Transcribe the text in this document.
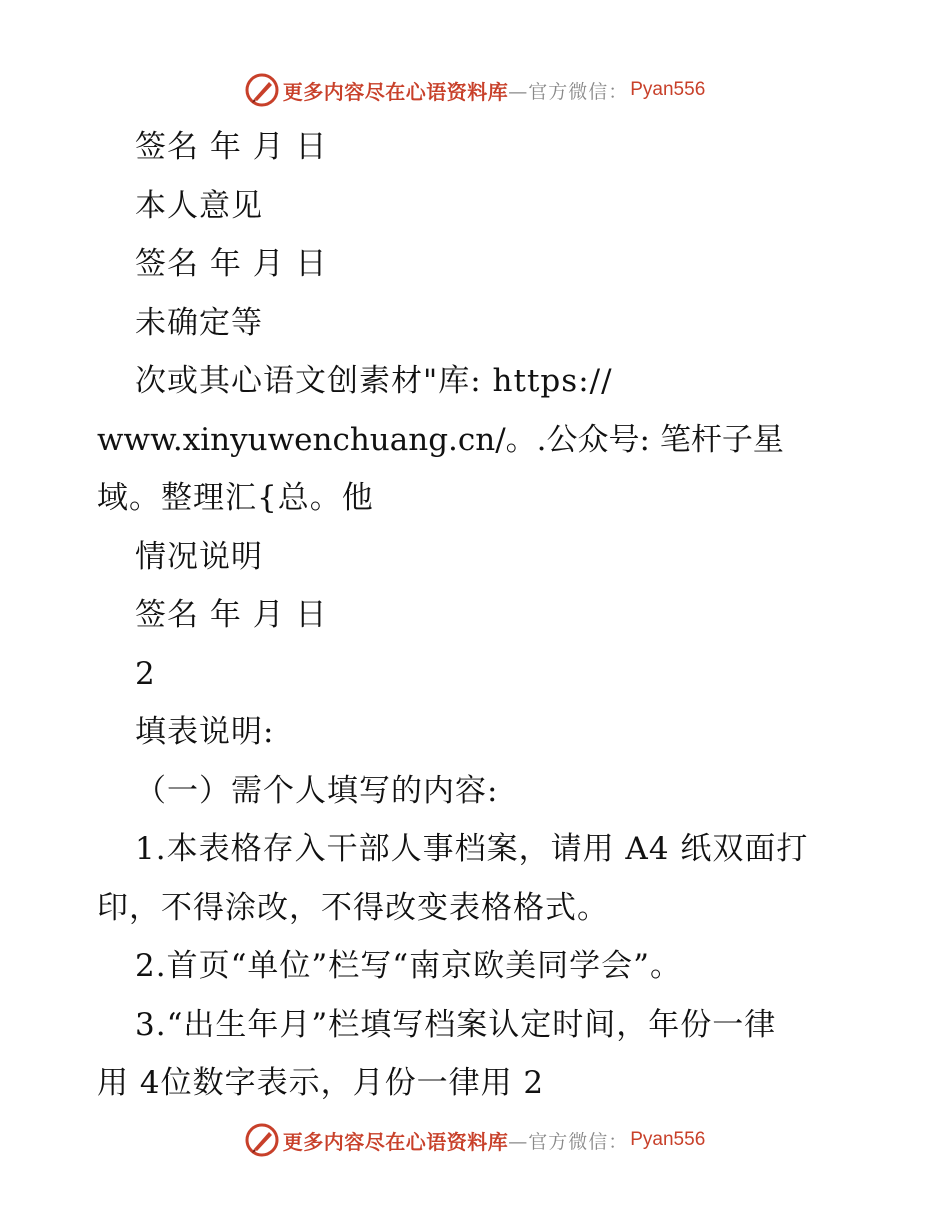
更多内容尽在心语资料库 —官方微信： Pyan556
签名 年 月 日
本人意见
签名 年 月 日
未确定等
次或其心语文创素材"库: https://
www.xinyuwenchuang.cn/。.公众号: 笔杆子星
域。整理汇{总。他
情况说明
签名 年 月 日
2
填表说明:
（一）需个人填写的内容:
1.本表格存入干部人事档案，请用 A4 纸双面打
印，不得涂改，不得改变表格格式。
2.首页“单位”栏写“南京欧美同学会”。
3.“出生年月”栏填写档案认定时间，年份一律
用 4位数字表示，月份一律用 2
更多内容尽在心语资料库 —官方微信： Pyan556
